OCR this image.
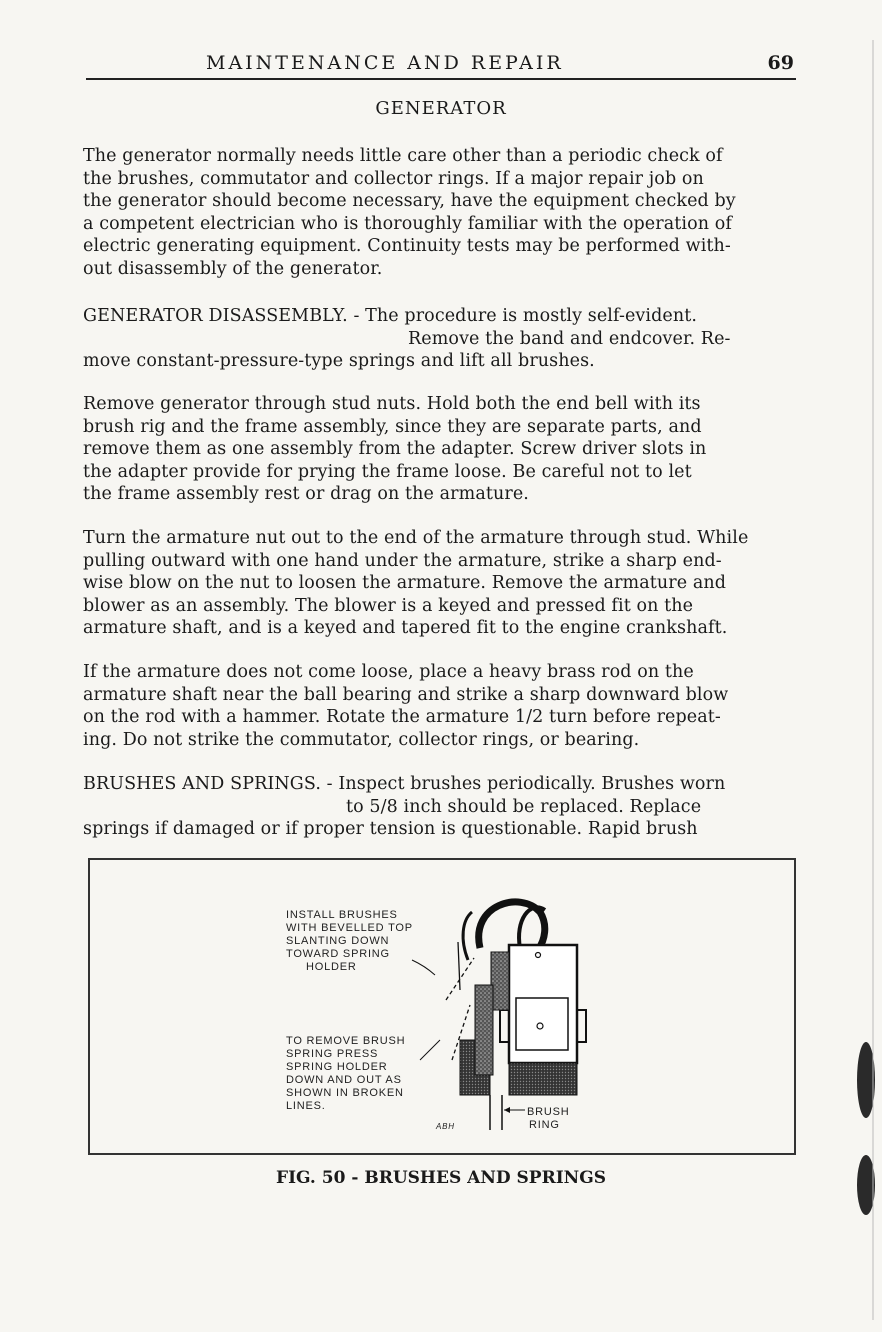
MAINTENANCE AND REPAIR	69
GENERATOR

The generator normally needs little care other than a periodic check of

the brushes, commutator and collector rings. If a major repair job on

the generator should become necessary, have the equipment checked by

a competent electrician who is thoroughly familiar with the operation of

electric generating equipment. Continuity tests may be performed with-

out disassembly of the generator.

GENERATOR DISASSEMBLY. - The procedure is mostly self-evident.

Remove the band and endcover. Re-

move constant-pressure-type springs and lift all brushes.

Remove generator through stud nuts. Hold both the end bell with its

brush rig and the frame assembly, since they are separate parts, and

remove them as one assembly from the adapter. Screw driver slots in

the adapter provide for prying the frame loose. Be careful not to let

the frame assembly rest or drag on the armature.

Turn the armature nut out to the end of the armature through stud. While

pulling outward with one hand under the armature, strike a sharp end-

wise blow on the nut to loosen the armature. Remove the armature and

blower as an assembly. The blower is a keyed and pressed fit on the

armature shaft, and is a keyed and tapered fit to the engine crankshaft.

If the armature does not come loose, place a heavy brass rod on the

armature shaft near the ball bearing and strike a sharp downward blow

on the rod with a hammer. Rotate the armature 1/2 turn before repeat-

ing. Do not strike the commutator, collector rings, or bearing.

BRUSHES AND SPRINGS. - Inspect brushes periodically. Brushes worn

to 5/8 inch should be replaced. Replace

springs if damaged or if proper tension is questionable. Rapid brush

INSTALL BRUSHES
WITH BEVELLED TOP
SLANTING DOWN
TOWARD SPRING
HOLDER
TO REMOVE BRUSH
SPRING PRESS
SPRING HOLDER
DOWN AND OUT AS
SHOWN IN BROKEN
LINES.	BRUSH
RING
ABH
FIG. 50 - BRUSHES AND SPRINGS
